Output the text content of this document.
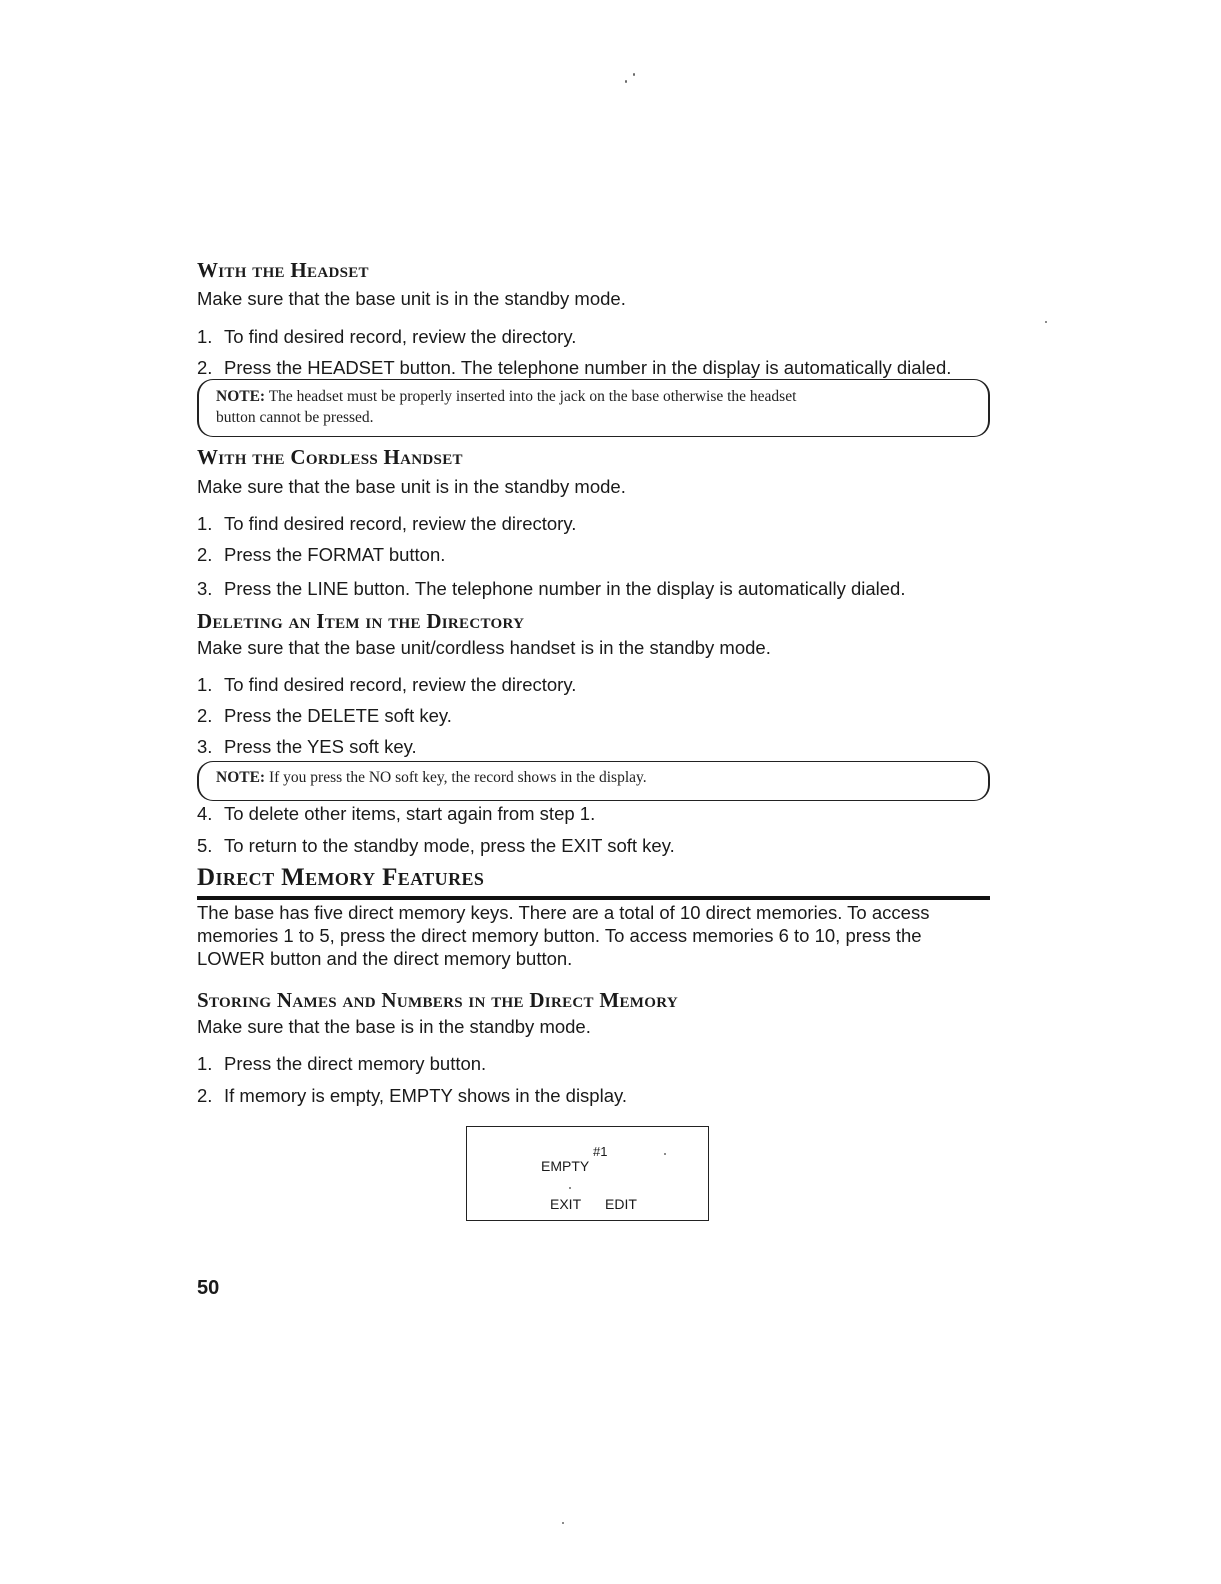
With the Headset
Make sure that the base unit is in the standby mode.
1. To find desired record, review the directory.
2. Press the HEADSET button. The telephone number in the display is automatically dialed.
NOTE: The headset must be properly inserted into the jack on the base otherwise the headset
button cannot be pressed.
With the Cordless Handset
Make sure that the base unit is in the standby mode.
1. To find desired record, review the directory.
2. Press the FORMAT button.
3. Press the LINE button. The telephone number in the display is automatically dialed.
Deleting an Item in the Directory
Make sure that the base unit/cordless handset is in the standby mode.
1. To find desired record, review the directory.
2. Press the DELETE soft key.
3. Press the YES soft key.
NOTE: If you press the NO soft key, the record shows in the display.
4. To delete other items, start again from step 1.
5. To return to the standby mode, press the EXIT soft key.
Direct Memory Features
The base has five direct memory keys. There are a total of 10 direct memories. To access
memories 1 to 5, press the direct memory button. To access memories 6 to 10, press the
LOWER button and the direct memory button.
Storing Names and Numbers in the Direct Memory
Make sure that the base is in the standby mode.
1. Press the direct memory button.
2. If memory is empty, EMPTY shows in the display.
#1
EMPTY
EXIT EDIT
50
